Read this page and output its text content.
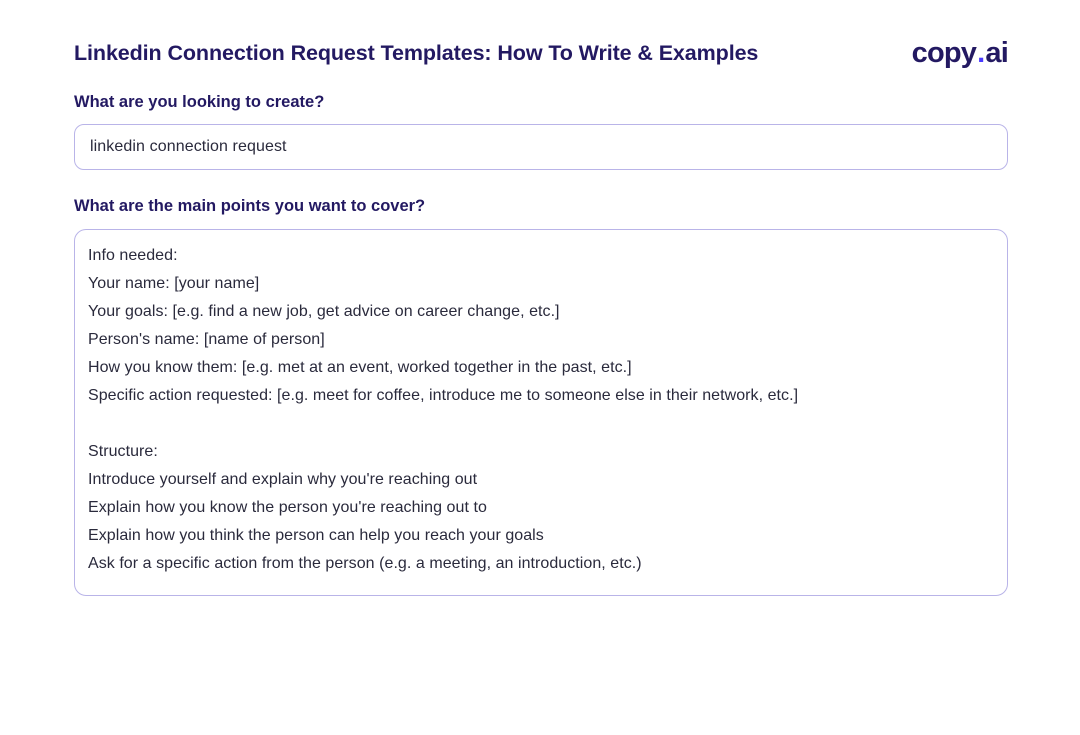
Linkedin Connection Request Templates: How To Write & Examples	copy . ai
What are you looking to create?
linkedin connection request
What are the main points you want to cover?
Info needed:
Your name: [your name]
Your goals: [e.g. find a new job, get advice on career change, etc.]
Person's name: [name of person]
How you know them: [e.g. met at an event, worked together in the past, etc.]
Specific action requested: [e.g. meet for coffee, introduce me to someone else in their network, etc.]
Structure:
Introduce yourself and explain why you're reaching out
Explain how you know the person you're reaching out to
Explain how you think the person can help you reach your goals
Ask for a specific action from the person (e.g. a meeting, an introduction, etc.)
